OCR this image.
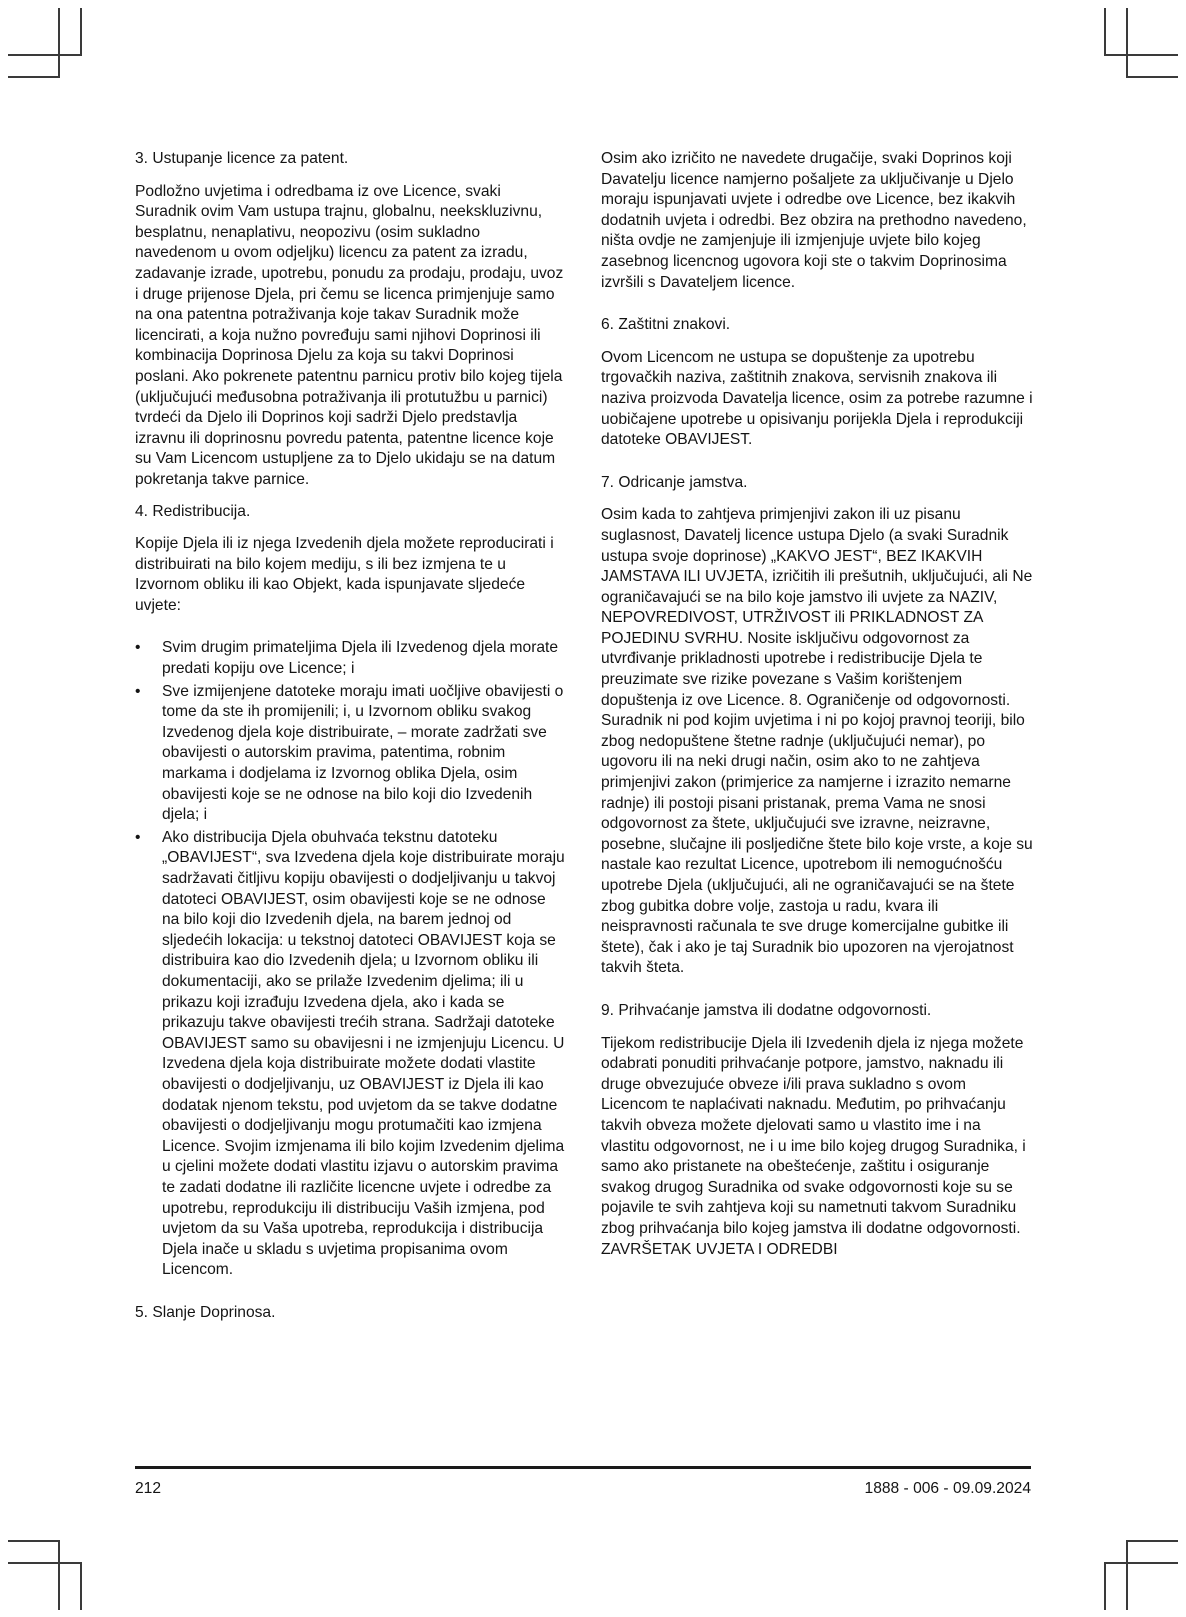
3. Ustupanje licence za patent.

Podložno uvjetima i odredbama iz ove Licence, svaki Suradnik ovim Vam ustupa trajnu, globalnu, neekskluzivnu, besplatnu, nenaplativu, neopozivu (osim sukladno navedenom u ovom odjeljku) licencu za patent za izradu, zadavanje izrade, upotrebu, ponudu za prodaju, prodaju, uvoz i druge prijenose Djela, pri čemu se licenca primjenjuje samo na ona patentna potraživanja koje takav Suradnik može licencirati, a koja nužno povređuju sami njihovi Doprinosi ili kombinacija Doprinosa Djelu za koja su takvi Doprinosi poslani. Ako pokrenete patentnu parnicu protiv bilo kojeg tijela (uključujući međusobna potraživanja ili protutužbu u parnici) tvrdeći da Djelo ili Doprinos koji sadrži Djelo predstavlja izravnu ili doprinosnu povredu patenta, patentne licence koje su Vam Licencom ustupljene za to Djelo ukidaju se na datum pokretanja takve parnice.

4. Redistribucija.

Kopije Djela ili iz njega Izvedenih djela možete reproducirati i distribuirati na bilo kojem mediju, s ili bez izmjena te u Izvornom obliku ili kao Objekt, kada ispunjavate sljedeće uvjete:

• Svim drugim primateljima Djela ili Izvedenog djela morate predati kopiju ove Licence; i
• Sve izmijenjene datoteke moraju imati uočljive obavijesti o tome da ste ih promijenili; i, u Izvornom obliku svakog Izvedenog djela koje distribuirate, – morate zadržati sve obavijesti o autorskim pravima, patentima, robnim markama i dodjelama iz Izvornog oblika Djela, osim obavijesti koje se ne odnose na bilo koji dio Izvedenih djela; i
• Ako distribucija Djela obuhvaća tekstnu datoteku „OBAVIJEST“, sva Izvedena djela koje distribuirate moraju sadržavati čitljivu kopiju obavijesti o dodjeljivanju u takvoj datoteci OBAVIJEST, osim obavijesti koje se ne odnose na bilo koji dio Izvedenih djela, na barem jednoj od sljedećih lokacija: u tekstnoj datoteci OBAVIJEST koja se distribuira kao dio Izvedenih djela; u Izvornom obliku ili dokumentaciji, ako se prilaže Izvedenim djelima; ili u prikazu koji izrađuju Izvedena djela, ako i kada se prikazuju takve obavijesti trećih strana. Sadržaji datoteke OBAVIJEST samo su obavijesni i ne izmjenjuju Licencu. U Izvedena djela koja distribuirate možete dodati vlastite obavijesti o dodjeljivanju, uz OBAVIJEST iz Djela ili kao dodatak njenom tekstu, pod uvjetom da se takve dodatne obavijesti o dodjeljivanju mogu protumačiti kao izmjena Licence. Svojim izmjenama ili bilo kojim Izvedenim djelima u cjelini možete dodati vlastitu izjavu o autorskim pravima te zadati dodatne ili različite licencne uvjete i odredbe za upotrebu, reprodukciju ili distribuciju Vaših izmjena, pod uvjetom da su Vaša upotreba, reprodukcija i distribucija Djela inače u skladu s uvjetima propisanima ovom Licencom.
5. Slanje Doprinosa.

Osim ako izričito ne navedete drugačije, svaki Doprinos koji Davatelju licence namjerno pošaljete za uključivanje u Djelo moraju ispunjavati uvjete i odredbe ove Licence, bez ikakvih dodatnih uvjeta i odredbi. Bez obzira na prethodno navedeno, ništa ovdje ne zamjenjuje ili izmjenjuje uvjete bilo kojeg zasebnog licencnog ugovora koji ste o takvim Doprinosima izvršili s Davateljem licence.

6. Zaštitni znakovi.

Ovom Licencom ne ustupa se dopuštenje za upotrebu trgovačkih naziva, zaštitnih znakova, servisnih znakova ili naziva proizvoda Davatelja licence, osim za potrebe razumne i uobičajene upotrebe u opisivanju porijekla Djela i reprodukciji datoteke OBAVIJEST.

7. Odricanje jamstva.

Osim kada to zahtjeva primjenjivi zakon ili uz pisanu suglasnost, Davatelj licence ustupa Djelo (a svaki Suradnik ustupa svoje doprinose) „KAKVO JEST“, BEZ IKAKVIH JAMSTAVA ILI UVJETA, izričitih ili prešutnih, uključujući, ali Ne ograničavajući se na bilo koje jamstvo ili uvjete za NAZIV, NEPOVREDIVOST, UTRŽIVOST ili PRIKLADNOST ZA POJEDINU SVRHU. Nosite isključivu odgovornost za utvrđivanje prikladnosti upotrebe i redistribucije Djela te preuzimate sve rizike povezane s Vašim korištenjem dopuštenja iz ove Licence. 8. Ograničenje od odgovornosti. Suradnik ni pod kojim uvjetima i ni po kojoj pravnoj teoriji, bilo zbog nedopuštene štetne radnje (uključujući nemar), po ugovoru ili na neki drugi način, osim ako to ne zahtjeva primjenjivi zakon (primjerice za namjerne i izrazito nemarne radnje) ili postoji pisani pristanak, prema Vama ne snosi odgovornost za štete, uključujući sve izravne, neizravne, posebne, slučajne ili posljedične štete bilo koje vrste, a koje su nastale kao rezultat Licence, upotrebom ili nemogućnošću upotrebe Djela (uključujući, ali ne ograničavajući se na štete zbog gubitka dobre volje, zastoja u radu, kvara ili neispravnosti računala te sve druge komercijalne gubitke ili štete), čak i ako je taj Suradnik bio upozoren na vjerojatnost takvih šteta.

9. Prihvaćanje jamstva ili dodatne odgovornosti.

Tijekom redistribucije Djela ili Izvedenih djela iz njega možete odabrati ponuditi prihvaćanje potpore, jamstvo, naknadu ili druge obvezujuće obveze i/ili prava sukladno s ovom Licencom te naplaćivati naknadu. Međutim, po prihvaćanju takvih obveza možete djelovati samo u vlastito ime i na vlastitu odgovornost, ne i u ime bilo kojeg drugog Suradnika, i samo ako pristanete na obeštećenje, zaštitu i osiguranje svakog drugog Suradnika od svake odgovornosti koje su se pojavile te svih zahtjeva koji su nametnuti takvom Suradniku zbog prihvaćanja bilo kojeg jamstva ili dodatne odgovornosti.

ZAVRŠETAK UVJETA I ODREDBI

212	1888 - 006 - 09.09.2024
